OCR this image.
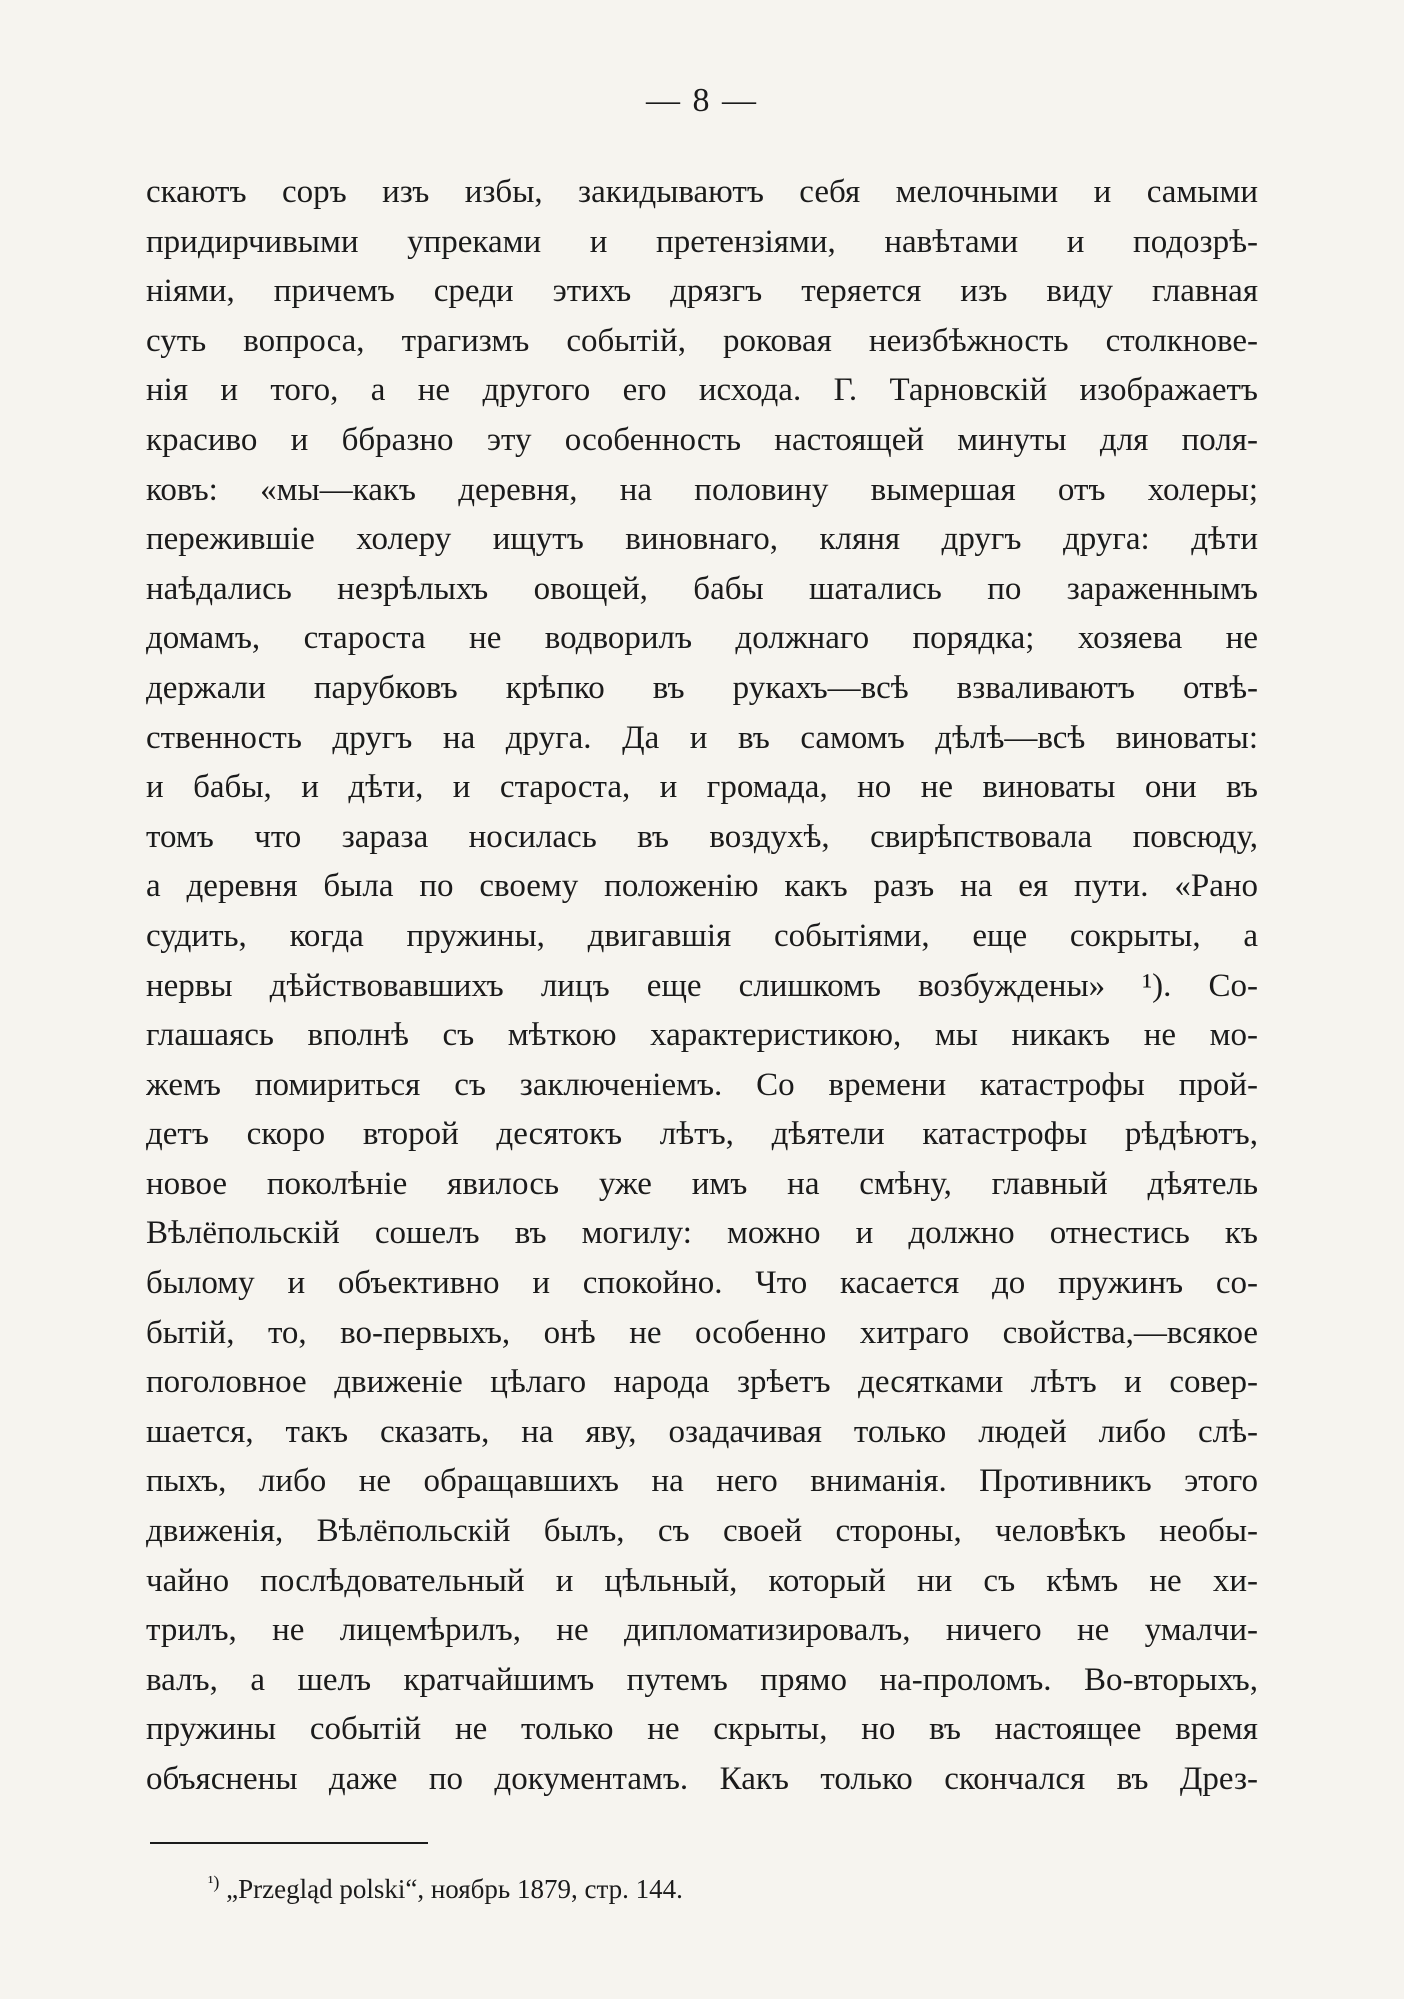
— 8 —
скаютъ соръ изъ избы, закидываютъ себя мелочными и самыми
придирчивыми упреками и претензіями, навѣтами и подозрѣ-
ніями, причемъ среди этихъ дрязгъ теряется изъ виду главная
суть вопроса, трагизмъ событій, роковая неизбѣжность столкнове-
нія и того, а не другого его исхода. Г. Тарновскій изображаетъ
красиво и ббразно эту особенность настоящей минуты для поля-
ковъ: «мы—какъ деревня, на половину вымершая отъ холеры;
пережившіе холеру ищутъ виновнаго, кляня другъ друга: дѣти
наѣдались незрѣлыхъ овощей, бабы шатались по зараженнымъ
домамъ, староста не водворилъ должнаго порядка; хозяева не
держали парубковъ крѣпко въ рукахъ—всѣ взваливаютъ отвѣ-
ственность другъ на друга. Да и въ самомъ дѣлѣ—всѣ виноваты:
и бабы, и дѣти, и староста, и громада, но не виноваты они въ
томъ что зараза носилась въ воздухѣ, свирѣпствовала повсюду,
а деревня была по своему положенію какъ разъ на ея пути. «Рано
судить, когда пружины, двигавшія событіями, еще сокрыты, а
нервы дѣйствовавшихъ лицъ еще слишкомъ возбуждены» ¹). Со-
глашаясь вполнѣ съ мѣткою характеристикою, мы никакъ не мо-
жемъ помириться съ заключеніемъ. Со времени катастрофы прой-
детъ скоро второй десятокъ лѣтъ, дѣятели катастрофы рѣдѣютъ,
новое поколѣніе явилось уже имъ на смѣну, главный дѣятель
Вѣлёпольскій сошелъ въ могилу: можно и должно отнестись къ
былому и объективно и спокойно. Что касается до пружинъ со-
бытій, то, во-первыхъ, онѣ не особенно хитраго свойства,—всякое
поголовное движеніе цѣлаго народа зрѣетъ десятками лѣтъ и совер-
шается, такъ сказать, на яву, озадачивая только людей либо слѣ-
пыхъ, либо не обращавшихъ на него вниманія. Противникъ этого
движенія, Вѣлёпольскій былъ, съ своей стороны, человѣкъ необы-
чайно послѣдовательный и цѣльный, который ни съ кѣмъ не хи-
трилъ, не лицемѣрилъ, не дипломатизировалъ, ничего не умалчи-
валъ, а шелъ кратчайшимъ путемъ прямо на-проломъ. Во-вторыхъ,
пружины событій не только не скрыты, но въ настоящее время
объяснены даже по документамъ. Какъ только скончался въ Дрез-
$^{^1)}$ „Przegląd polski“, ноябрь 1879, стр. 144.
